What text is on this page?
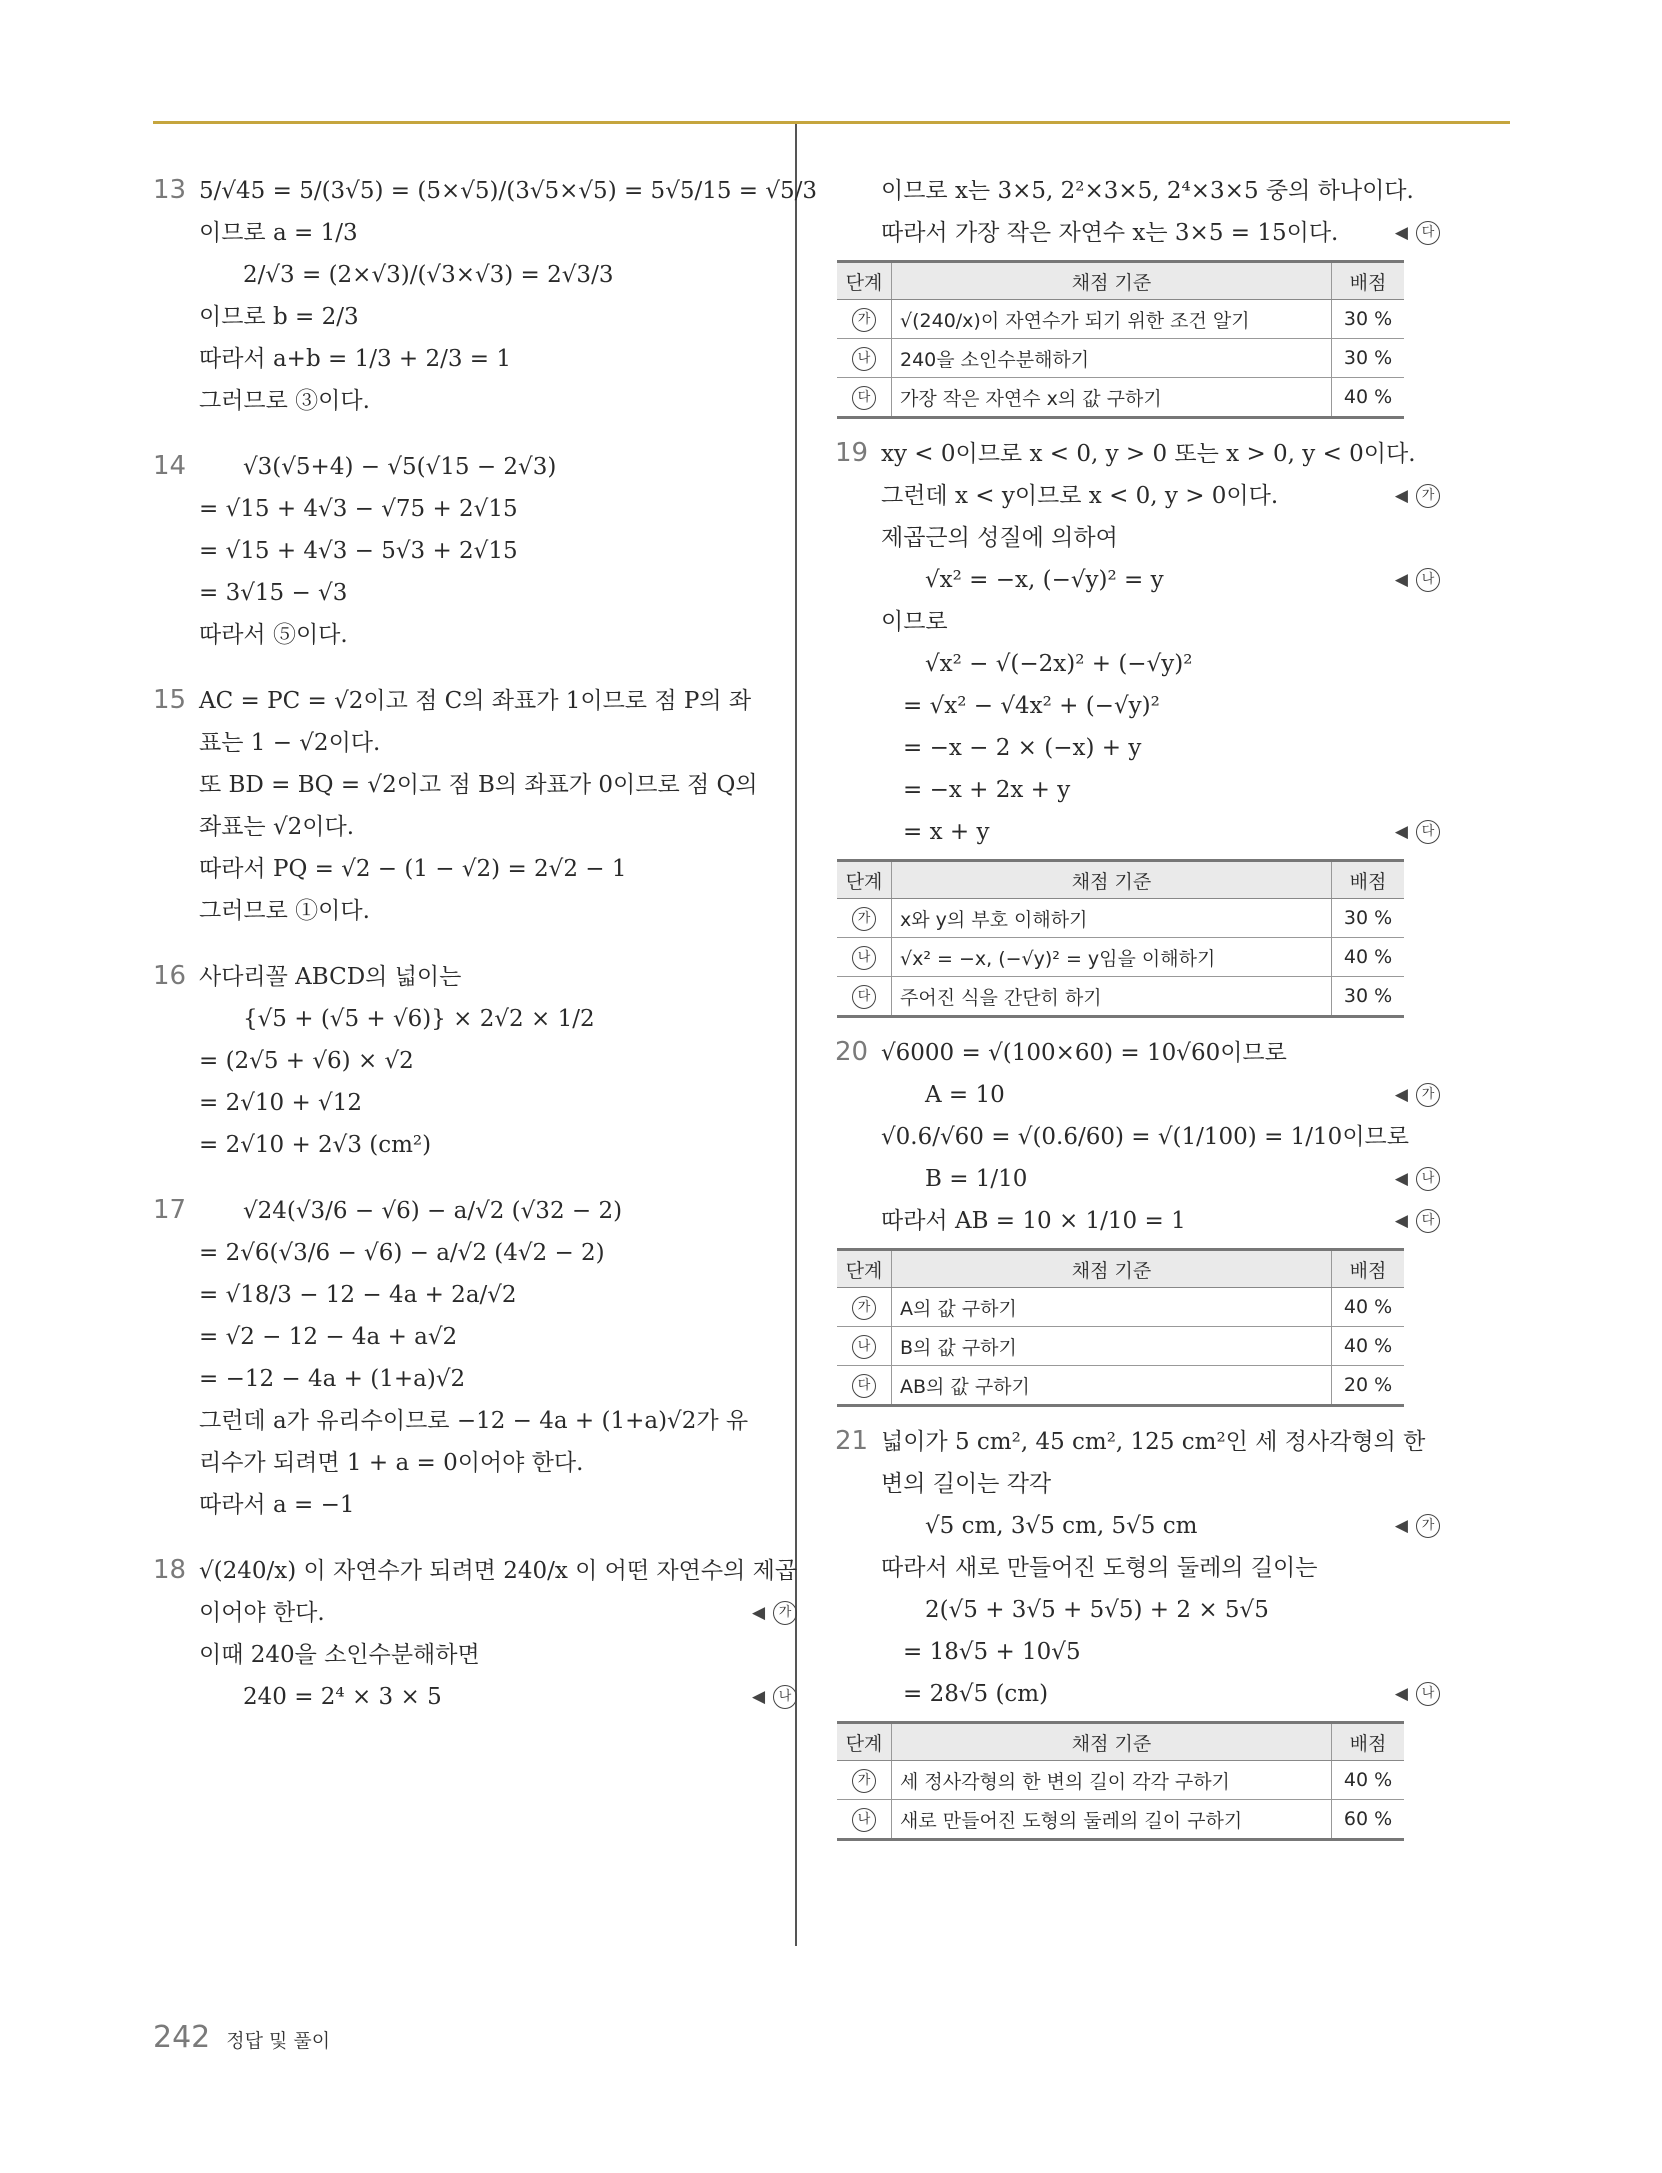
13 5/√45 = 5/(3√5) = (5×√5)/(3√5×√5) = 5√5/15 = √5/3
이므로 a = 1/3
2/√3 = (2×√3)/(√3×√3) = 2√3/3
이므로 b = 2/3
따라서 a+b = 1/3 + 2/3 = 1
그러므로 ③이다.
14	√3(√5+4) − √5(√15 − 2√3)
= √15 + 4√3 − √75 + 2√15
= √15 + 4√3 − 5√3 + 2√15
= 3√15 − √3
따라서 ⑤이다.
15 AC = PC = √2이고 점 C의 좌표가 1이므로 점 P의 좌
표는 1 − √2이다.
또 BD = BQ = √2이고 점 B의 좌표가 0이므로 점 Q의
좌표는 √2이다.
따라서 PQ = √2 − (1 − √2) = 2√2 − 1
그러므로 ①이다.
16 사다리꼴 ABCD의 넓이는
{√5 + (√5 + √6)} × 2√2 × 1/2
= (2√5 + √6) × √2
= 2√10 + √12
= 2√10 + 2√3 (cm²)
17	√24(√3/6 − √6) − a/√2 (√32 − 2)
= 2√6(√3/6 − √6) − a/√2 (4√2 − 2)
= √18/3 − 12 − 4a + 2a/√2
= √2 − 12 − 4a + a√2
= −12 − 4a + (1+a)√2
그런데 a가 유리수이므로 −12 − 4a + (1+a)√2가 유
리수가 되려면 1 + a = 0이어야 한다.
따라서 a = −1
18 √(240/x) 이 자연수가 되려면 240/x 이 어떤 자연수의 제곱
이어야 한다.	◀	가
이때 240을 소인수분해하면
240 = 2⁴ × 3 × 5	◀	나
이므로 x는 3×5, 2²×3×5, 2⁴×3×5 중의 하나이다.
따라서 가장 작은 자연수 x는 3×5 = 15이다.	◀	다
단계	채점 기준	배점
가	√(240/x)이 자연수가 되기 위한 조건 알기	30 %
나	240을 소인수분해하기	30 %
다	가장 작은 자연수 x의 값 구하기	40 %
19 xy < 0이므로 x < 0, y > 0 또는 x > 0, y < 0이다.
그런데 x < y이므로 x < 0, y > 0이다.	◀	가
제곱근의 성질에 의하여
√x² = −x, (−√y)² = y	◀	나
이므로
√x² − √(−2x)² + (−√y)²
= √x² − √4x² + (−√y)²
= −x − 2 × (−x) + y
= −x + 2x + y
= x + y	◀	다
단계	채점 기준	배점
가	x와 y의 부호 이해하기	30 %
나	√x² = −x, (−√y)² = y임을 이해하기	40 %
다	주어진 식을 간단히 하기	30 %
20 √6000 = √(100×60) = 10√60이므로
A = 10	◀	가
√0.6/√60 = √(0.6/60) = √(1/100) = 1/10이므로
B = 1/10	◀	나
따라서 AB = 10 × 1/10 = 1	◀	다
단계	채점 기준	배점
가	A의 값 구하기	40 %
나	B의 값 구하기	40 %
다	AB의 값 구하기	20 %
21 넓이가 5 cm², 45 cm², 125 cm²인 세 정사각형의 한
변의 길이는 각각
√5 cm, 3√5 cm, 5√5 cm	◀	가
따라서 새로 만들어진 도형의 둘레의 길이는
2(√5 + 3√5 + 5√5) + 2 × 5√5
= 18√5 + 10√5
= 28√5 (cm)	◀	나
단계	채점 기준	배점
가	세 정사각형의 한 변의 길이 각각 구하기	40 %
나	새로 만들어진 도형의 둘레의 길이 구하기	60 %
242 정답 및 풀이
